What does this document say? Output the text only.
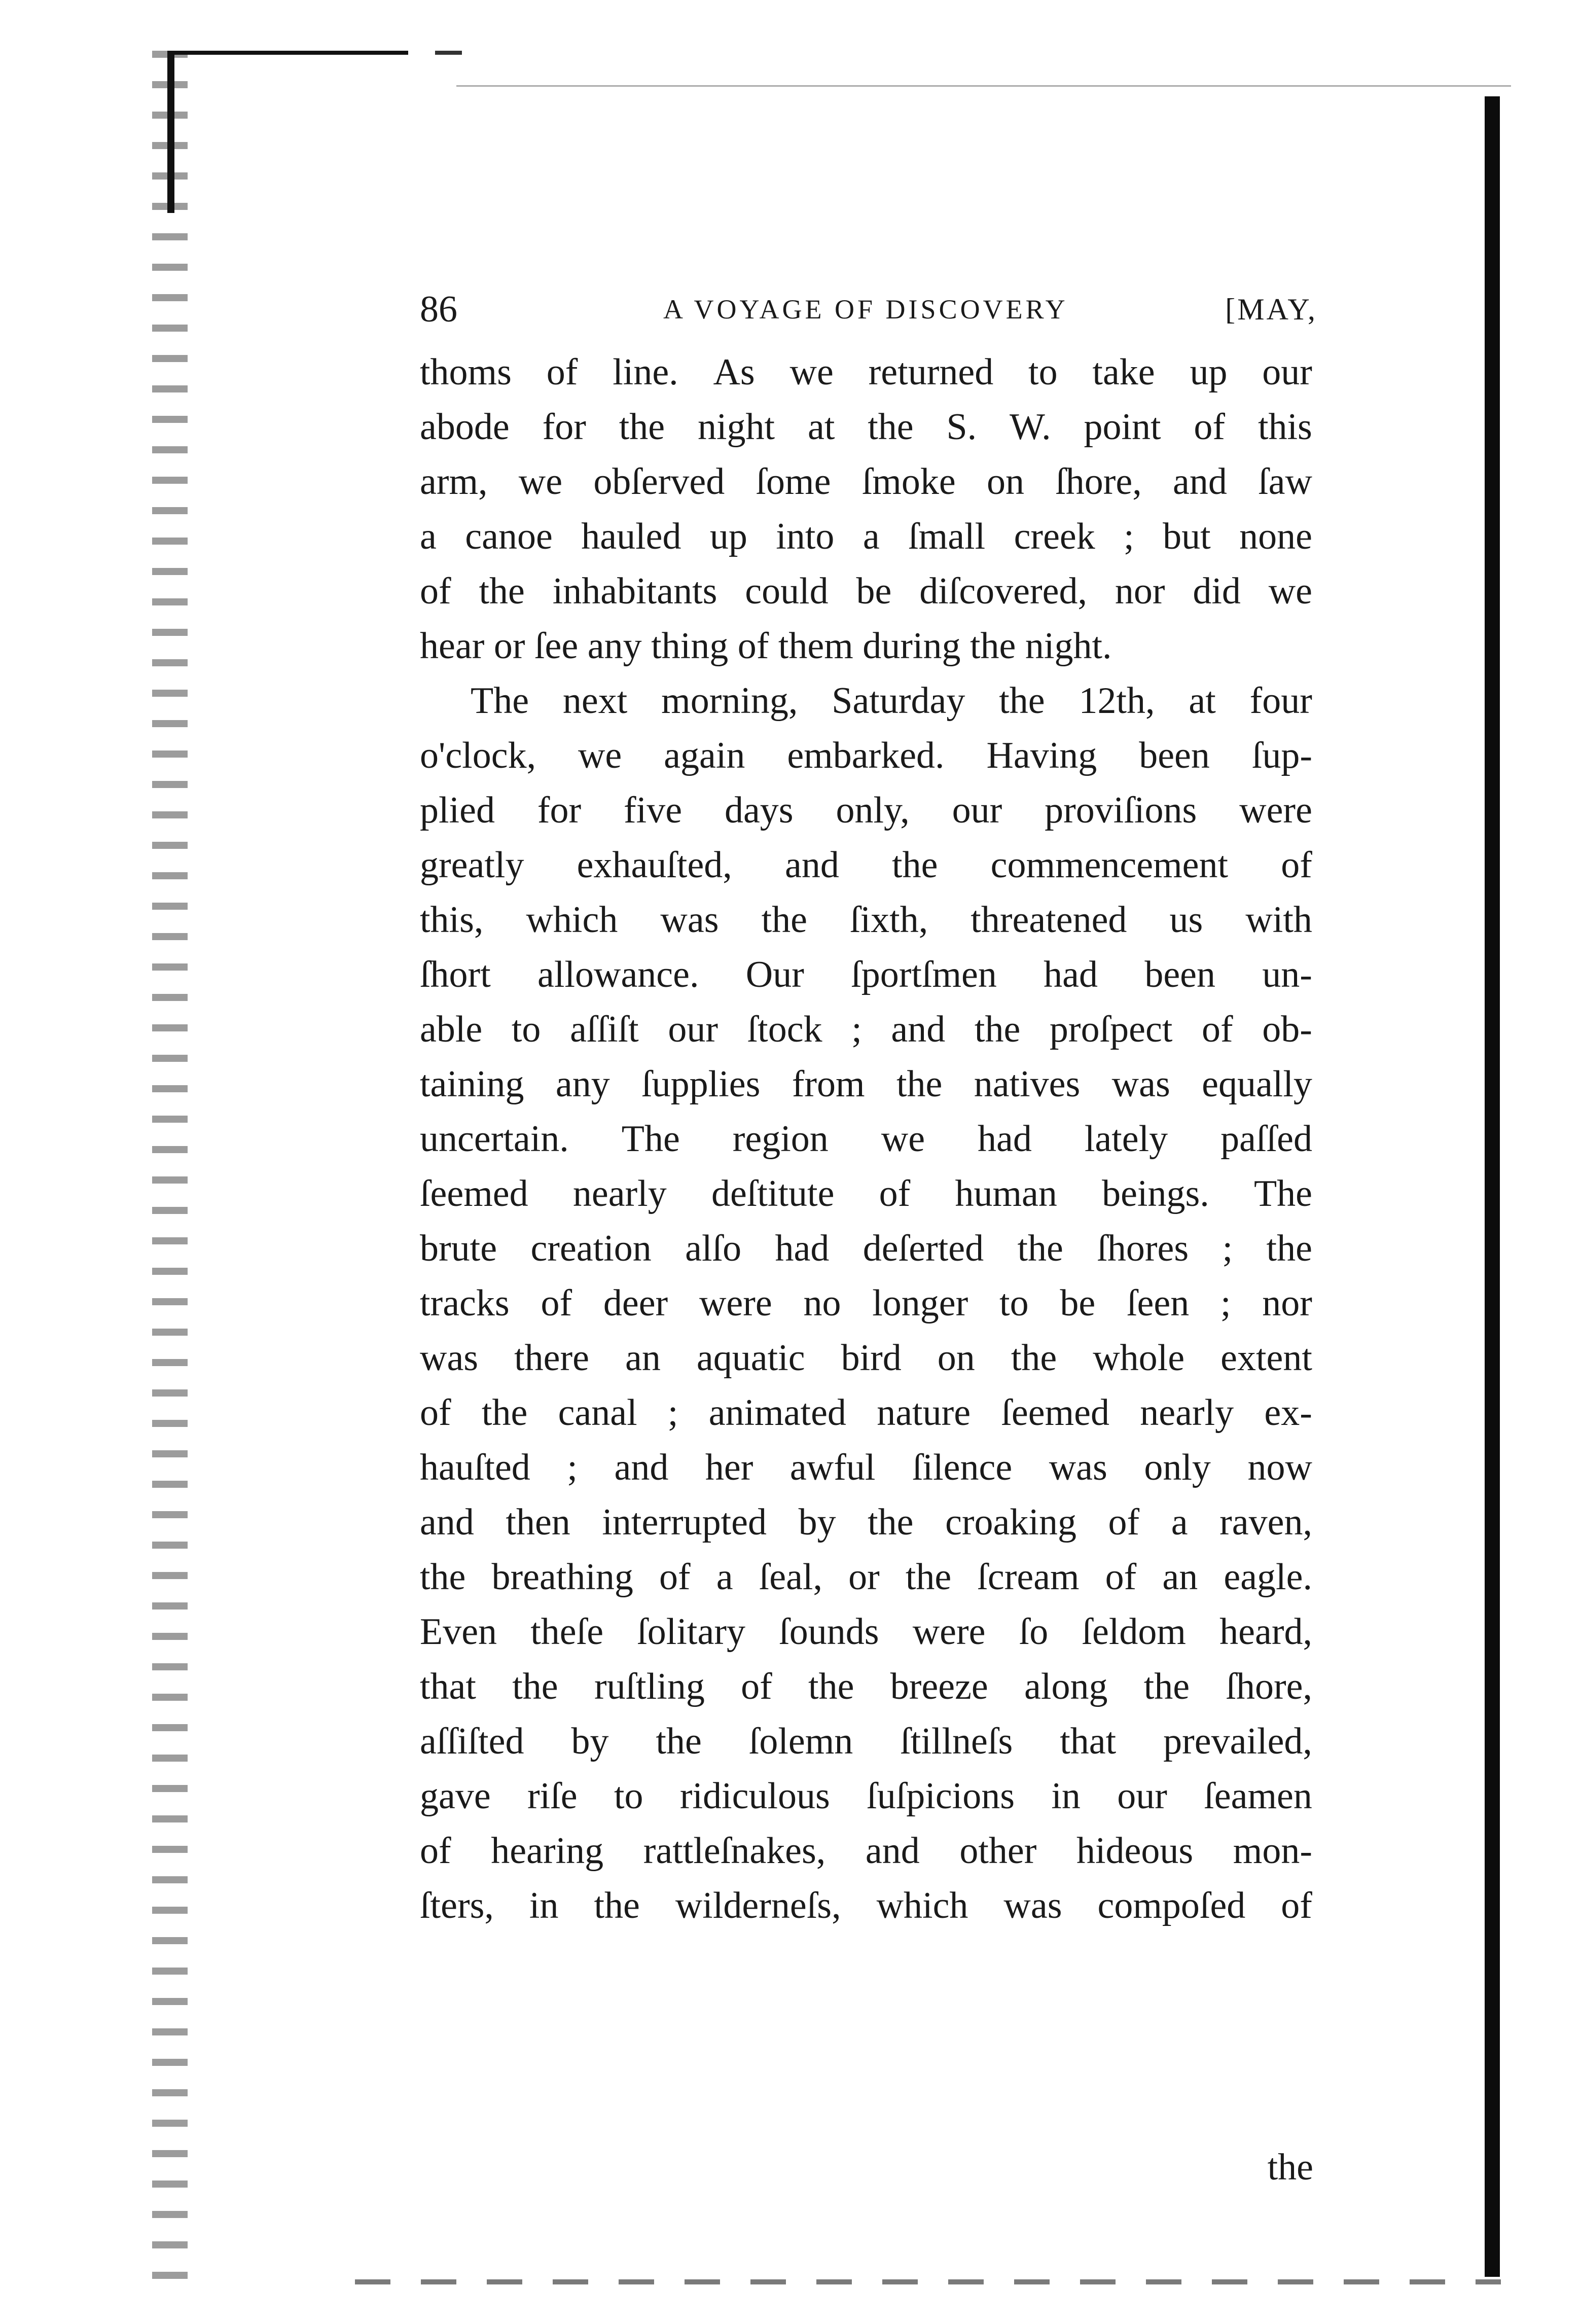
86	A VOYAGE OF DISCOVERY	[MAY,
thoms of line. As we returned to take up our
abode for the night at the S. W. point of this
arm, we obſerved ſome ſmoke on ſhore, and ſaw
a canoe hauled up into a ſmall creek ; but none
of the inhabitants could be diſcovered, nor did we
hear or ſee any thing of them during the night.
The next morning, Saturday the 12th, at four
o'clock, we again embarked. Having been ſup-
plied for five days only, our proviſions were
greatly exhauſted, and the commencement of
this, which was the ſixth, threatened us with
ſhort allowance. Our ſportſmen had been un-
able to aſſiſt our ſtock ; and the proſpect of ob-
taining any ſupplies from the natives was equally
uncertain. The region we had lately paſſed
ſeemed nearly deſtitute of human beings. The
brute creation alſo had deſerted the ſhores ; the
tracks of deer were no longer to be ſeen ; nor
was there an aquatic bird on the whole extent
of the canal ; animated nature ſeemed nearly ex-
hauſted ; and her awful ſilence was only now
and then interrupted by the croaking of a raven,
the breathing of a ſeal, or the ſcream of an eagle.
Even theſe ſolitary ſounds were ſo ſeldom heard,
that the ruſtling of the breeze along the ſhore,
aſſiſted by the ſolemn ſtillneſs that prevailed,
gave riſe to ridiculous ſuſpicions in our ſeamen
of hearing rattleſnakes, and other hideous mon-
ſters, in the wilderneſs, which was compoſed of
the
